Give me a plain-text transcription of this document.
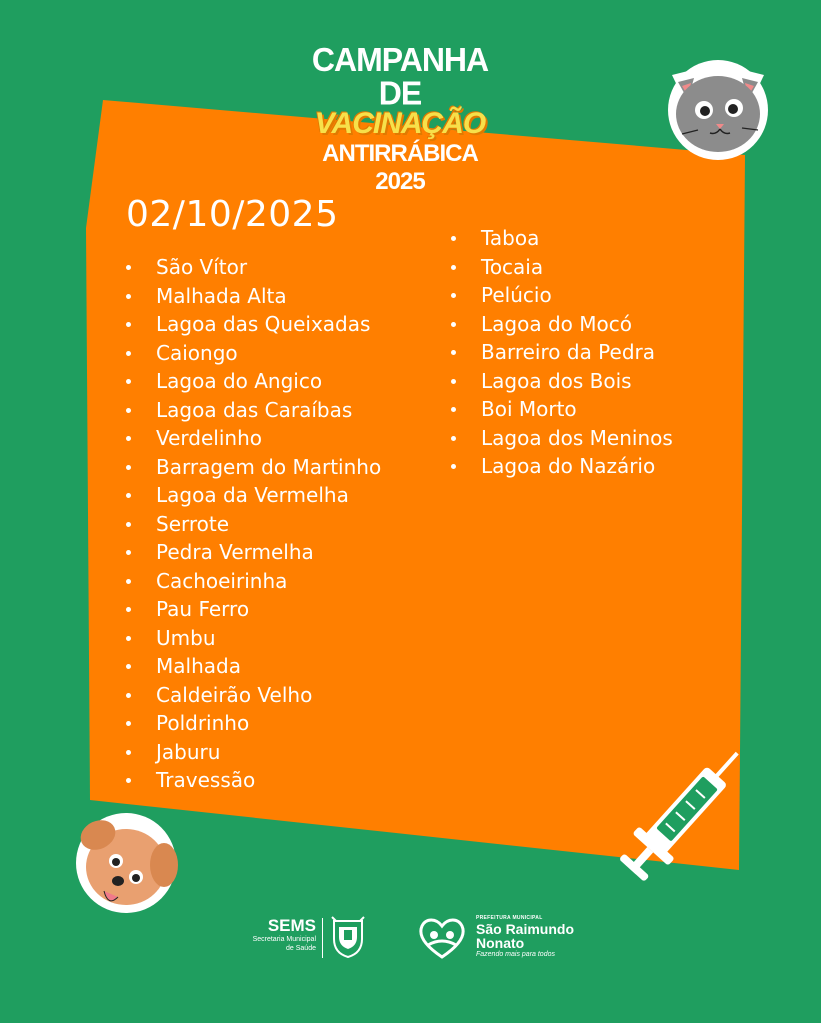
CAMPANHA DE
VACINAÇÃO
ANTIRRÁBICA 2025
02/10/2025
São Vítor
Malhada Alta
Lagoa das Queixadas
Caiongo
Lagoa do Angico
Lagoa das Caraíbas
Verdelinho
Barragem do Martinho
Lagoa da Vermelha
Serrote
Pedra Vermelha
Cachoeirinha
Pau Ferro
Umbu
Malhada
Caldeirão Velho
Poldrinho
Jaburu
Travessão
Taboa
Tocaia
Pelúcio
Lagoa do Mocó
Barreiro da Pedra
Lagoa dos Bois
Boi Morto
Lagoa dos Meninos
Lagoa do Nazário
SEMS
Secretaria Municipal
de Saúde
PREFEITURA MUNICIPAL
São Raimundo
Nonato
Fazendo mais para todos
